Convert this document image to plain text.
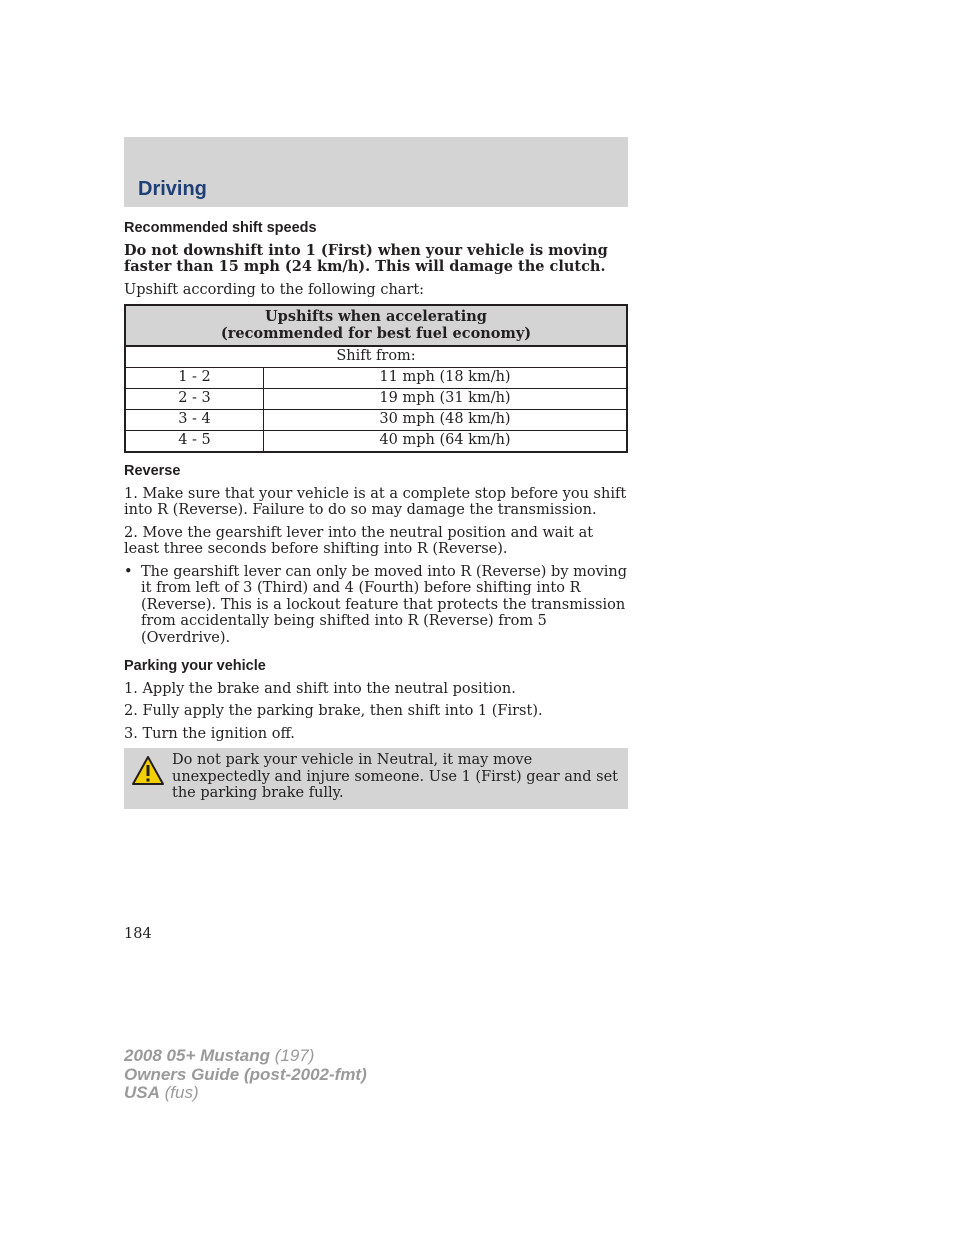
Driving
Recommended shift speeds

Do not downshift into 1 (First) when your vehicle is moving faster than 15 mph (24 km/h). This will damage the clutch.

Upshift according to the following chart:

Upshifts when accelerating
(recommended for best fuel economy)	
Shift from:	
1 - 2	11 mph (18 km/h)
2 - 3	19 mph (31 km/h)
3 - 4	30 mph (48 km/h)
4 - 5	40 mph (64 km/h)
Reverse

1. Make sure that your vehicle is at a complete stop before you shift into R (Reverse). Failure to do so may damage the transmission.

2. Move the gearshift lever into the neutral position and wait at least three seconds before shifting into R (Reverse).

• The gearshift lever can only be moved into R (Reverse) by moving it from left of 3 (Third) and 4 (Fourth) before shifting into R (Reverse). This is a lockout feature that protects the transmission from accidentally being shifted into R (Reverse) from 5 (Overdrive).
Parking your vehicle

1. Apply the brake and shift into the neutral position.

2. Fully apply the parking brake, then shift into 1 (First).

3. Turn the ignition off.

Do not park your vehicle in Neutral, it may move unexpectedly and injure someone. Use 1 (First) gear and set the parking brake fully.
184
2008 05+ Mustang (197)
Owners Guide (post-2002-fmt)
USA (fus)
